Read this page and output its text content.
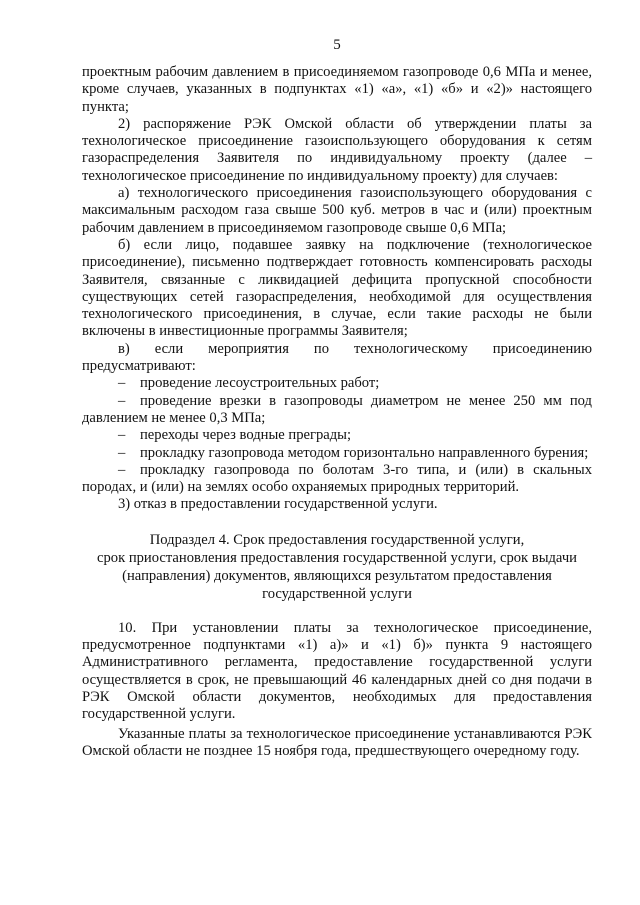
5

проектным рабочим давлением в присоединяемом газопроводе 0,6 МПа и менее, кроме случаев, указанных в подпунктах «1) «а», «1) «б» и «2)» настоящего пункта;

2) распоряжение РЭК Омской области об утверждении платы за технологическое присоединение газоиспользующего оборудования к сетям газораспределения Заявителя по индивидуальному проекту (далее – технологическое присоединение по индивидуальному проекту) для случаев:

а) технологического присоединения газоиспользующего оборудования с максимальным расходом газа свыше 500 куб. метров в час и (или) проектным рабочим давлением в присоединяемом газопроводе свыше 0,6 МПа;

б) если лицо, подавшее заявку на подключение (технологическое присоединение), письменно подтверждает готовность компенсировать расходы Заявителя, связанные с ликвидацией дефицита пропускной способности существующих сетей газораспределения, необходимой для осуществления технологического присоединения, в случае, если такие расходы не были включены в инвестиционные программы Заявителя;

в) если мероприятия по технологическому присоединению предусматривают:

– проведение лесоустроительных работ;

– проведение врезки в газопроводы диаметром не менее 250 мм под давлением не менее 0,3 МПа;

– переходы через водные преграды;

– прокладку газопровода методом горизонтально направленного бурения;

– прокладку газопровода по болотам 3-го типа, и (или) в скальных породах, и (или) на землях особо охраняемых природных территорий.

3) отказ в предоставлении государственной услуги.

Подраздел 4. Срок предоставления государственной услуги,
срок приостановления предоставления государственной услуги, срок выдачи
(направления) документов, являющихся результатом предоставления
государственной услуги

10. При установлении платы за технологическое присоединение, предусмотренное подпунктами «1) а)» и «1) б)» пункта 9 настоящего Административного регламента, предоставление государственной услуги осуществляется в срок, не превышающий 46 календарных дней со дня подачи в РЭК Омской области документов, необходимых для предоставления государственной услуги.

Указанные платы за технологическое присоединение устанавливаются РЭК Омской области не позднее 15 ноября года, предшествующего очередному году.
